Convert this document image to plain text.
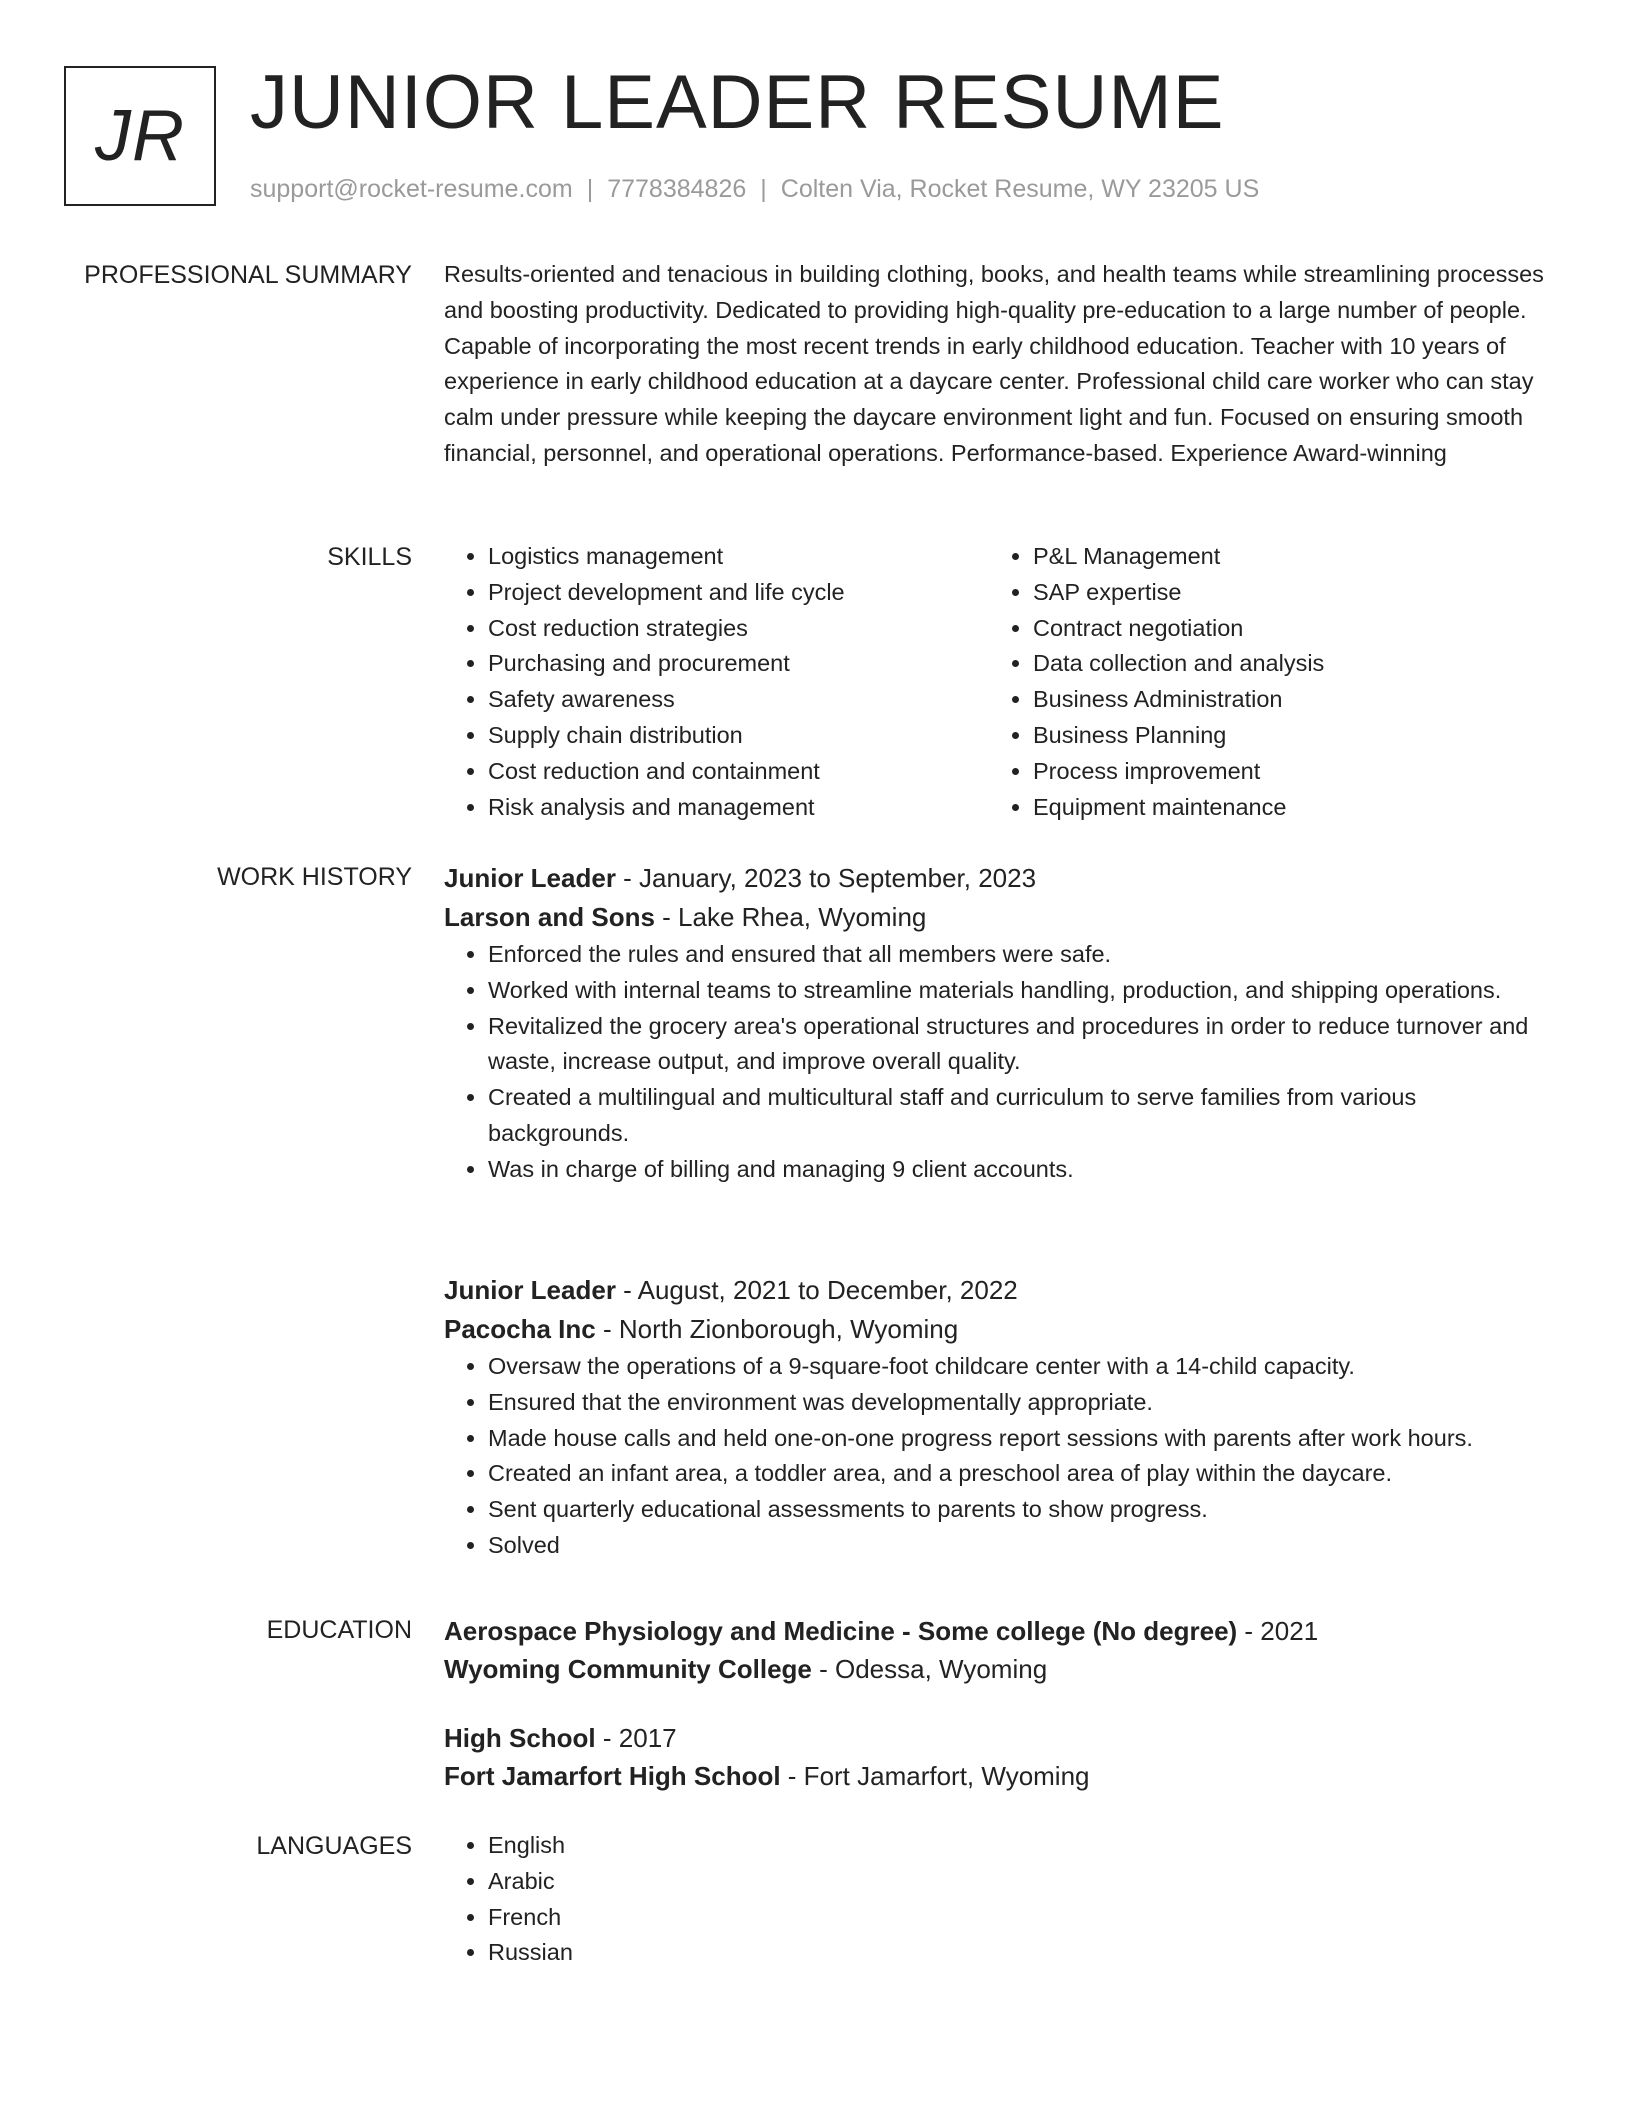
JR JUNIOR LEADER RESUME
support@rocket-resume.com | 7778384826 | Colten Via, Rocket Resume, WY 23205 US
PROFESSIONAL SUMMARY Results-oriented and tenacious in building clothing, books, and health teams while streamlining processes and boosting productivity. Dedicated to providing high-quality pre-education to a large number of people. Capable of incorporating the most recent trends in early childhood education. Teacher with 10 years of experience in early childhood education at a daycare center. Professional child care worker who can stay calm under pressure while keeping the daycare environment light and fun. Focused on ensuring smooth financial, personnel, and operational operations. Performance-based. Experience Award-winning

SKILLS	• Logistics management
• Project development and life cycle
• Cost reduction strategies
• Purchasing and procurement
• Safety awareness
• Supply chain distribution
• Cost reduction and containment
• Risk analysis and management
• P&L Management
• SAP expertise
• Contract negotiation
• Data collection and analysis
• Business Administration
• Business Planning
• Process improvement
• Equipment maintenance
WORK HISTORY Junior Leader - January, 2023 to September, 2023
Larson and Sons - Lake Rhea, Wyoming
• Enforced the rules and ensured that all members were safe.
• Worked with internal teams to streamline materials handling, production, and shipping operations.
• Revitalized the grocery area's operational structures and procedures in order to reduce turnover and waste, increase output, and improve overall quality.
• Created a multilingual and multicultural staff and curriculum to serve families from various backgrounds.
• Was in charge of billing and managing 9 client accounts.
Junior Leader - August, 2021 to December, 2022
Pacocha Inc - North Zionborough, Wyoming
• Oversaw the operations of a 9-square-foot childcare center with a 14-child capacity.
• Ensured that the environment was developmentally appropriate.
• Made house calls and held one-on-one progress report sessions with parents after work hours.
• Created an infant area, a toddler area, and a preschool area of play within the daycare.
• Sent quarterly educational assessments to parents to show progress.
• Solved
EDUCATION Aerospace Physiology and Medicine - Some college (No degree) - 2021
Wyoming Community College - Odessa, Wyoming
High School - 2017
Fort Jamarfort High School - Fort Jamarfort, Wyoming
LANGUAGES	• English
• Arabic
• French
• Russian
